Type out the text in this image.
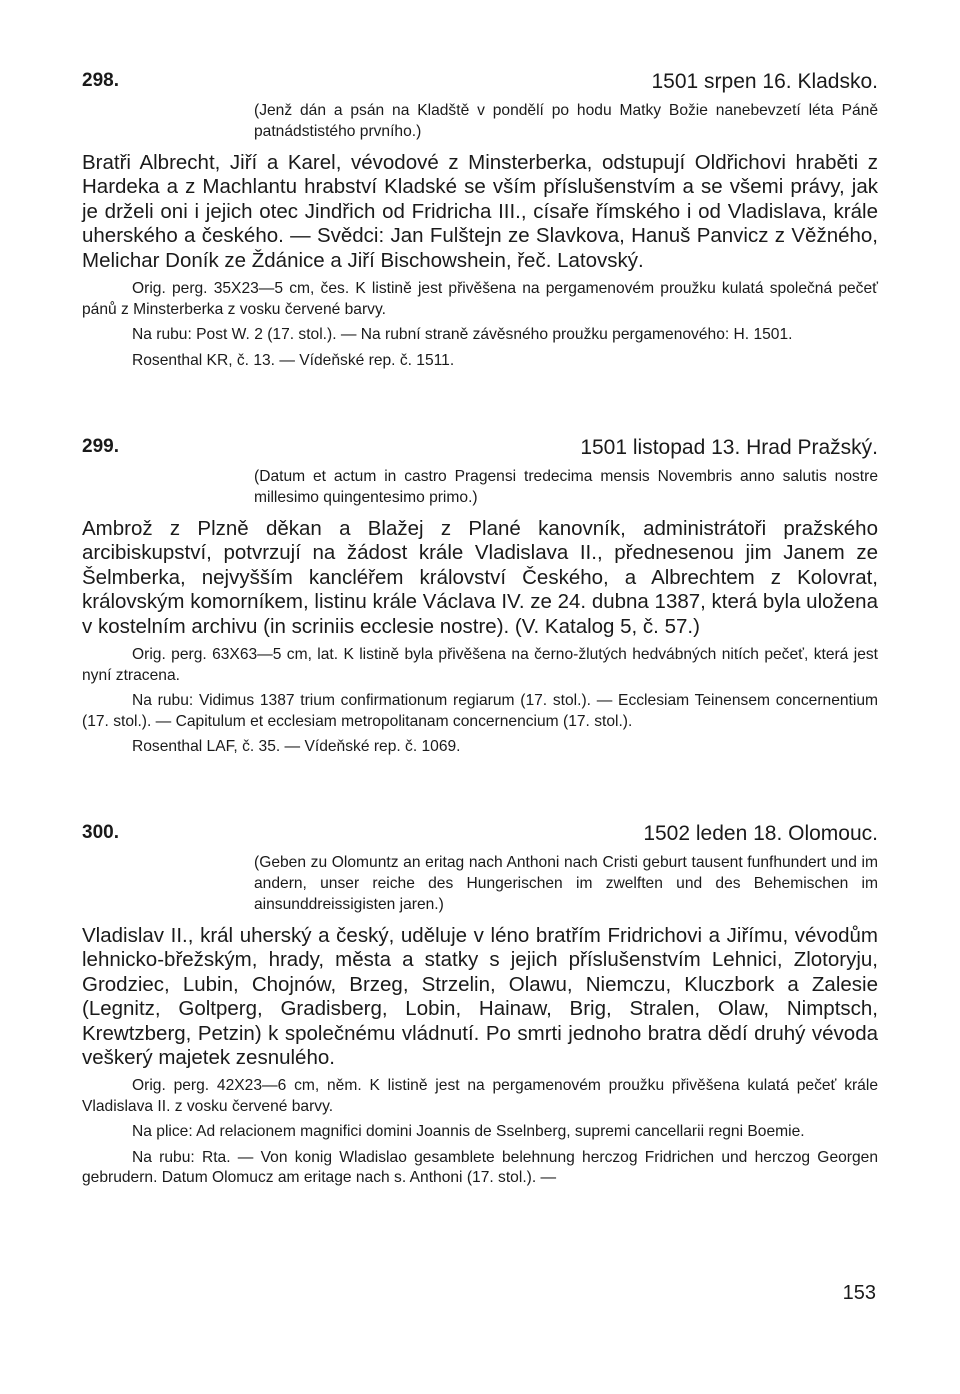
298.	1501 srpen 16. Kladsko.
(Jenž dán a psán na Kladště v pondělí po hodu Matky Božie nanebevzetí léta Páně patnádstistého prvního.)
Bratři Albrecht, Jiří a Karel, vévodové z Minsterberka, odstupují Oldřichovi hraběti z Hardeka a z Machlantu hrabství Kladské se vším příslušenstvím a se všemi právy, jak je drželi oni i jejich otec Jindřich od Fridricha III., císaře římského i od Vladislava, krále uherského a českého. — Svědci: Jan Fulštejn ze Slavkova, Hanuš Panvicz z Věžného, Melichar Doník ze Ždánice a Jiří Bischowshein, řeč. Latovský.

Orig. perg. 35X23—5 cm, čes. K listině jest přivěšena na pergamenovém proužku kulatá společná pečeť pánů z Minsterberka z vosku červené barvy.

Na rubu: Post W. 2 (17. stol.). — Na rubní straně závěsného proužku pergamenového: H. 1501.

Rosenthal KR, č. 13. — Vídeňské rep. č. 1511.

299.	1501 listopad 13. Hrad Pražský.
(Datum et actum in castro Pragensi tredecima mensis Novembris anno salutis nostre millesimo quingentesimo primo.)
Ambrož z Plzně děkan a Blažej z Plané kanovník, administrátoři pražského arcibiskupství, potvrzují na žádost krále Vladislava II., přednesenou jim Janem ze Šelmberka, nejvyšším kancléřem království Českého, a Albrechtem z Kolovrat, královským komorníkem, listinu krále Václava IV. ze 24. dubna 1387, která byla uložena v kostelním archivu (in scriniis ecclesie nostre). (V. Katalog 5, č. 57.)

Orig. perg. 63X63—5 cm, lat. K listině byla přivěšena na černo-žlutých hedvábných nitích pečeť, která jest nyní ztracena.

Na rubu: Vidimus 1387 trium confirmationum regiarum (17. stol.). — Ecclesiam Teinensem concernentium (17. stol.). — Capitulum et ecclesiam metropolitanam concernencium (17. stol.).

Rosenthal LAF, č. 35. — Vídeňské rep. č. 1069.

300.	1502 leden 18. Olomouc.
(Geben zu Olomuntz an eritag nach Anthoni nach Cristi geburt tausent funfhundert und im andern, unser reiche des Hungerischen im zwelften und des Behemischen im ainsunddreissigisten jaren.)
Vladislav II., král uherský a český, uděluje v léno bratřím Fridrichovi a Jiřímu, vévodům lehnicko-břežským, hrady, města a statky s jejich příslušenstvím Lehnici, Zlotoryju, Grodziec, Lubin, Chojnów, Brzeg, Strzelin, Olawu, Niemczu, Kluczbork a Zalesie (Legnitz, Goltperg, Gradisberg, Lobin, Hainaw, Brig, Stralen, Olaw, Nimptsch, Krewtzberg, Petzin) k společnému vládnutí. Po smrti jednoho bratra dědí druhý vévoda veškerý majetek zesnulého.

Orig. perg. 42X23—6 cm, něm. K listině jest na pergamenovém proužku přivěšena kulatá pečeť krále Vladislava II. z vosku červené barvy.

Na plice: Ad relacionem magnifici domini Joannis de Sselnberg, supremi cancellarii regni Boemie.

Na rubu: Rta. — Von konig Wladislao gesamblete belehnung herczog Fridrichen und herczog Georgen gebrudern. Datum Olomucz am eritage nach s. Anthoni (17. stol.). —

153
